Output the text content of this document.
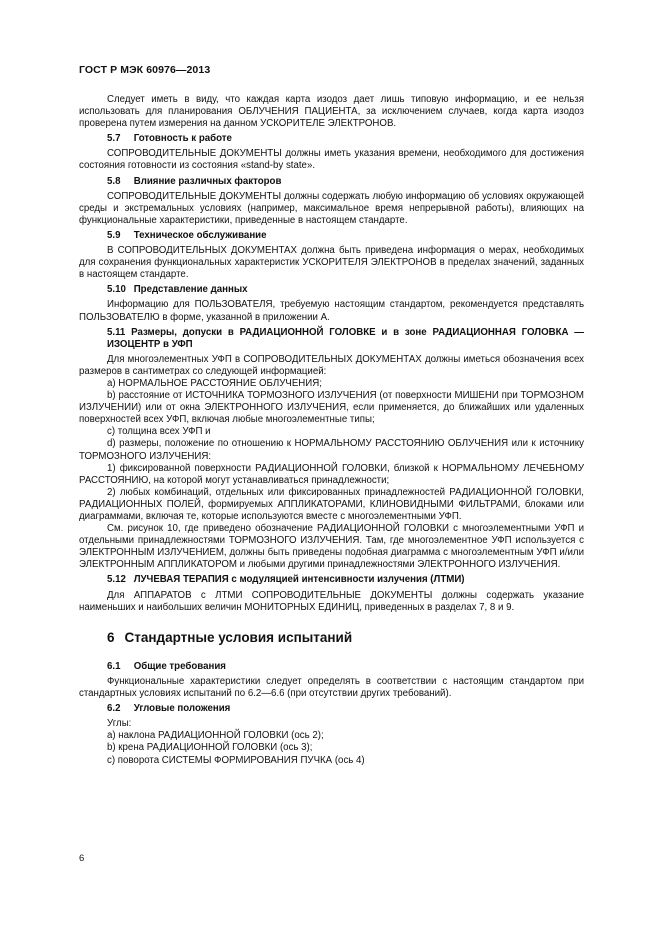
ГОСТ Р МЭК 60976—2013

Следует иметь в виду, что каждая карта изодоз дает лишь типовую информацию, и ее нельзя использовать для планирования ОБЛУЧЕНИЯ ПАЦИЕНТА, за исключением случаев, когда карта изодоз проверена путем измерения на данном УСКОРИТЕЛЕ ЭЛЕКТРОНОВ.

5.7 Готовность к работе

СОПРОВОДИТЕЛЬНЫЕ ДОКУМЕНТЫ должны иметь указания времени, необходимого для достижения состояния готовности из состояния «stand-by state».

5.8 Влияние различных факторов

СОПРОВОДИТЕЛЬНЫЕ ДОКУМЕНТЫ должны содержать любую информацию об условиях окружающей среды и экстремальных условиях (например, максимальное время непрерывной работы), влияющих на функциональные характеристики, приведенные в настоящем стандарте.

5.9 Техническое обслуживание

В СОПРОВОДИТЕЛЬНЫХ ДОКУМЕНТАХ должна быть приведена информация о мерах, необходимых для сохранения функциональных характеристик УСКОРИТЕЛЯ ЭЛЕКТРОНОВ в пределах значений, заданных в настоящем стандарте.

5.10 Представление данных

Информацию для ПОЛЬЗОВАТЕЛЯ, требуемую настоящим стандартом, рекомендуется представлять ПОЛЬЗОВАТЕЛЮ в форме, указанной в приложении А.

5.11 Размеры, допуски в РАДИАЦИОННОЙ ГОЛОВКЕ и в зоне РАДИАЦИОННАЯ ГОЛОВКА — ИЗОЦЕНТР в УФП

Для многоэлементных УФП в СОПРОВОДИТЕЛЬНЫХ ДОКУМЕНТАХ должны иметься обозначения всех размеров в сантиметрах со следующей информацией:

a) НОРМАЛЬНОЕ РАССТОЯНИЕ ОБЛУЧЕНИЯ;

b) расстояние от ИСТОЧНИКА ТОРМОЗНОГО ИЗЛУЧЕНИЯ (от поверхности МИШЕНИ при ТОРМОЗНОМ ИЗЛУЧЕНИИ) или от окна ЭЛЕКТРОННОГО ИЗЛУЧЕНИЯ, если применяется, до ближайших или удаленных поверхностей всех УФП, включая любые многоэлементные типы;

c) толщина всех УФП и

d) размеры, положение по отношению к НОРМАЛЬНОМУ РАССТОЯНИЮ ОБЛУЧЕНИЯ или к источнику ТОРМОЗНОГО ИЗЛУЧЕНИЯ:

1) фиксированной поверхности РАДИАЦИОННОЙ ГОЛОВКИ, близкой к НОРМАЛЬНОМУ ЛЕЧЕБНОМУ РАССТОЯНИЮ, на которой могут устанавливаться принадлежности;

2) любых комбинаций, отдельных или фиксированных принадлежностей РАДИАЦИОННОЙ ГОЛОВКИ, РАДИАЦИОННЫХ ПОЛЕЙ, формируемых АППЛИКАТОРАМИ, КЛИНОВИДНЫМИ ФИЛЬТРАМИ, блоками или диаграммами, включая те, которые используются вместе с многоэлементными УФП.

См. рисунок 10, где приведено обозначение РАДИАЦИОННОЙ ГОЛОВКИ с многоэлементными УФП и отдельными принадлежностями ТОРМОЗНОГО ИЗЛУЧЕНИЯ. Там, где многоэлементное УФП используется с ЭЛЕКТРОННЫМ ИЗЛУЧЕНИЕМ, должны быть приведены подобная диаграмма с многоэлементным УФП и/или ЭЛЕКТРОННЫМ АППЛИКАТОРОМ и любыми другими принадлежностями ЭЛЕКТРОННОГО ИЗЛУЧЕНИЯ.

5.12 ЛУЧЕВАЯ ТЕРАПИЯ с модуляцией интенсивности излучения (ЛТМИ)

Для АППАРАТОВ с ЛТМИ СОПРОВОДИТЕЛЬНЫЕ ДОКУМЕНТЫ должны содержать указание наименьших и наибольших величин МОНИТОРНЫХ ЕДИНИЦ, приведенных в разделах 7, 8 и 9.

6 Стандартные условия испытаний
6.1 Общие требования

Функциональные характеристики следует определять в соответствии с настоящим стандартом при стандартных условиях испытаний по 6.2—6.6 (при отсутствии других требований).

6.2 Угловые положения

Углы:

a) наклона РАДИАЦИОННОЙ ГОЛОВКИ (ось 2);

b) крена РАДИАЦИОННОЙ ГОЛОВКИ (ось 3);

c) поворота СИСТЕМЫ ФОРМИРОВАНИЯ ПУЧКА (ось 4)

6
